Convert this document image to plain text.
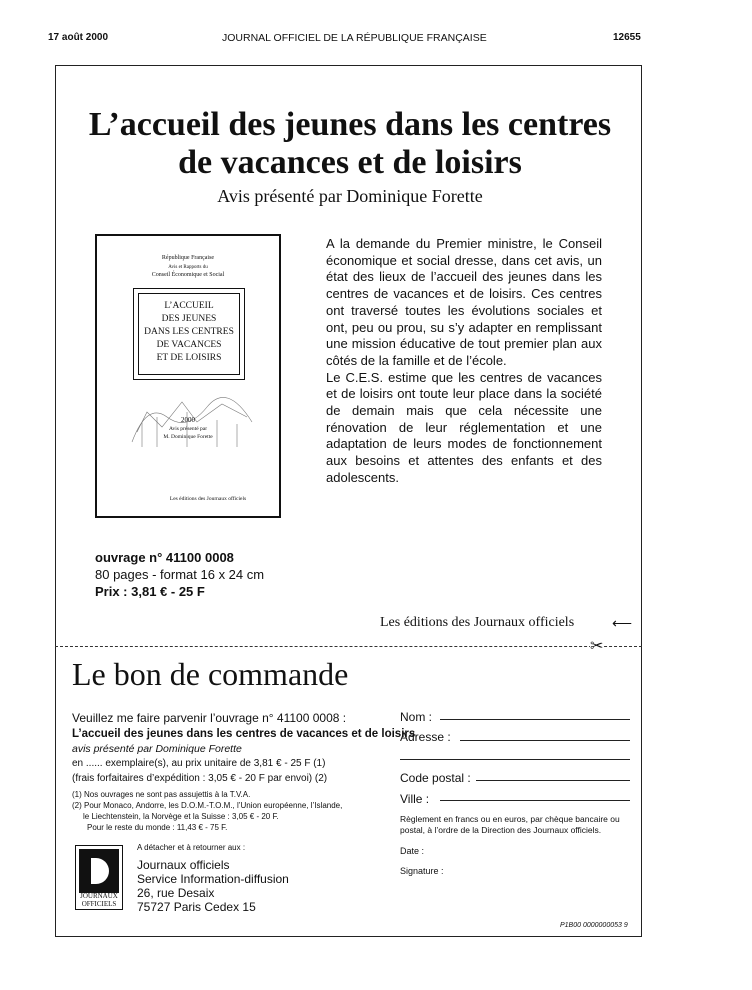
17 août 2000	JOURNAL OFFICIEL DE LA RÉPUBLIQUE FRANÇAISE	12655
L’accueil des jeunes dans les centres
de vacances et de loisirs
Avis présenté par Dominique Forette
République Française
Avis et Rapports du
Conseil Économique et Social
L’ACCUEIL
DES JEUNES
DANS LES CENTRES
DE VACANCES
ET DE LOISIRS
2000
Avis présenté par
M. Dominique Forette
Les éditions des Journaux officiels

A la demande du Premier ministre, le Conseil économique et social dresse, dans cet avis, un état des lieux de l’accueil des jeunes dans les centres de vacances et de loisirs. Ces centres ont traversé toutes les évolutions sociales et ont, peu ou prou, su s’y adapter en remplissant une mission éducative de tout premier plan aux côtés de la famille et de l’école.

Le C.E.S. estime que les centres de vacances et de loisirs ont toute leur place dans la société de demain mais que cela nécessite une rénovation de leur réglementation et une adaptation de leurs modes de fonctionnement aux besoins et attentes des enfants et des adolescents.

ouvrage n° 41100 0008
80 pages - format 16 x 24 cm
Prix : 3,81 € - 25 F
Les éditions des Journaux officiels	⟵
✂
Le bon de commande
Veuillez me faire parvenir l’ouvrage n° 41100 0008 :
L’accueil des jeunes dans les centres de vacances et de loisirs
avis présenté par Dominique Forette
en ...... exemplaire(s), au prix unitaire de 3,81 € - 25 F (1)
(frais forfaitaires d’expédition : 3,05 € - 20 F par envoi) (2)
(1) Nos ouvrages ne sont pas assujettis à la T.V.A.
(2) Pour Monaco, Andorre, les D.O.M.-T.O.M., l’Union européenne, l’Islande,
le Liechtenstein, la Norvège et la Suisse : 3,05 € - 20 F.
Pour le reste du monde : 11,43 € - 75 F.
A détacher et à retourner aux :
JOURNAUX
OFFICIELS
Journaux officiels
Service Information-diffusion
26, rue Desaix
75727 Paris Cedex 15
Nom :
Adresse :
Code postal :
Ville :
Règlement en francs ou en euros, par chèque bancaire ou postal, à l’ordre de la Direction des Journaux officiels.
Date :
Signature :
P1B00 0000000053 9
